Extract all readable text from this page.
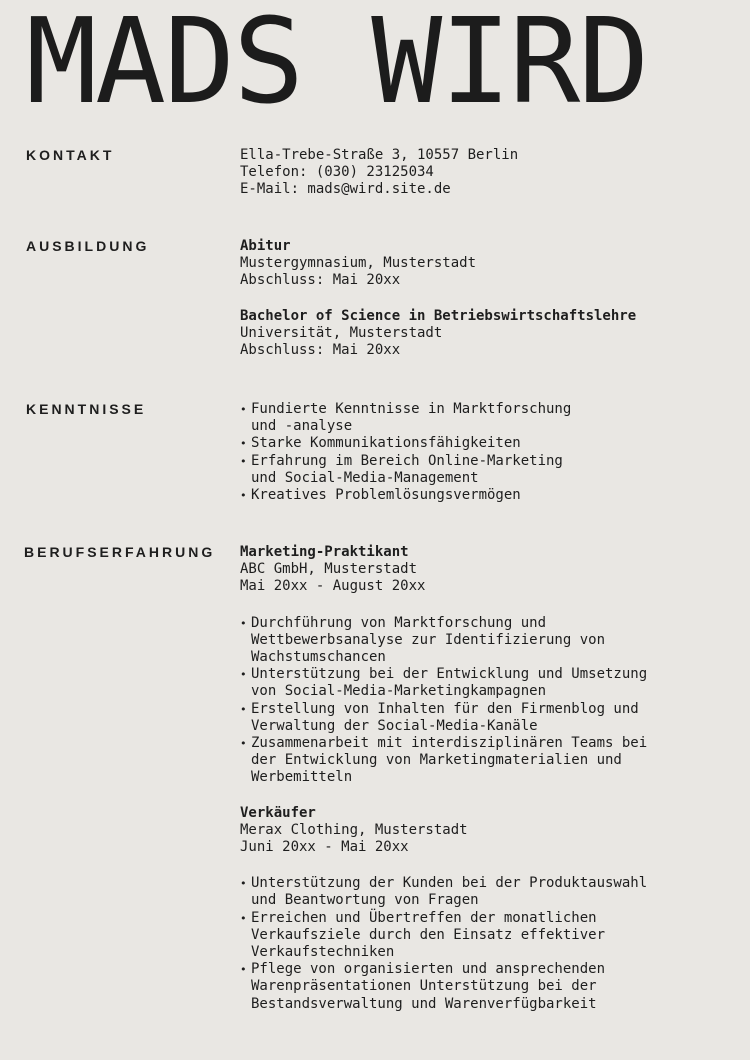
MADS WIRD
KONTAKT	Ella-Trebe-Straße 3, 10557 Berlin
Telefon: (030) 23125034
E-Mail: mads@wird.site.de
AUSBILDUNG	Abitur
Mustergymnasium, Musterstadt
Abschluss: Mai 20xx
Bachelor of Science in Betriebswirtschaftslehre
Universität, Musterstadt
Abschluss: Mai 20xx
KENNTNISSE
•	Fundierte Kenntnisse in Marktforschung
und -analyse
• Starke Kommunikationsfähigkeiten
• Erfahrung im Bereich Online-Marketing
und Social-Media-Management
• Kreatives Problemlösungsvermögen
BERUFSERFAHRUNG Marketing-Praktikant
ABC GmbH, Musterstadt
Mai 20xx - August 20xx
• Durchführung von Marktforschung und
Wettbewerbsanalyse zur Identifizierung von
Wachstumschancen
• Unterstützung bei der Entwicklung und Umsetzung
von Social-Media-Marketingkampagnen
• Erstellung von Inhalten für den Firmenblog und
Verwaltung der Social-Media-Kanäle
• Zusammenarbeit mit interdisziplinären Teams bei
der Entwicklung von Marketingmaterialien und
Werbemitteln
Verkäufer
Merax Clothing, Musterstadt
Juni 20xx - Mai 20xx
• Unterstützung der Kunden bei der Produktauswahl
und Beantwortung von Fragen
• Erreichen und Übertreffen der monatlichen
Verkaufsziele durch den Einsatz effektiver
Verkaufstechniken
• Pflege von organisierten und ansprechenden
Warenpräsentationen Unterstützung bei der
Bestandsverwaltung und Warenverfügbarkeit
